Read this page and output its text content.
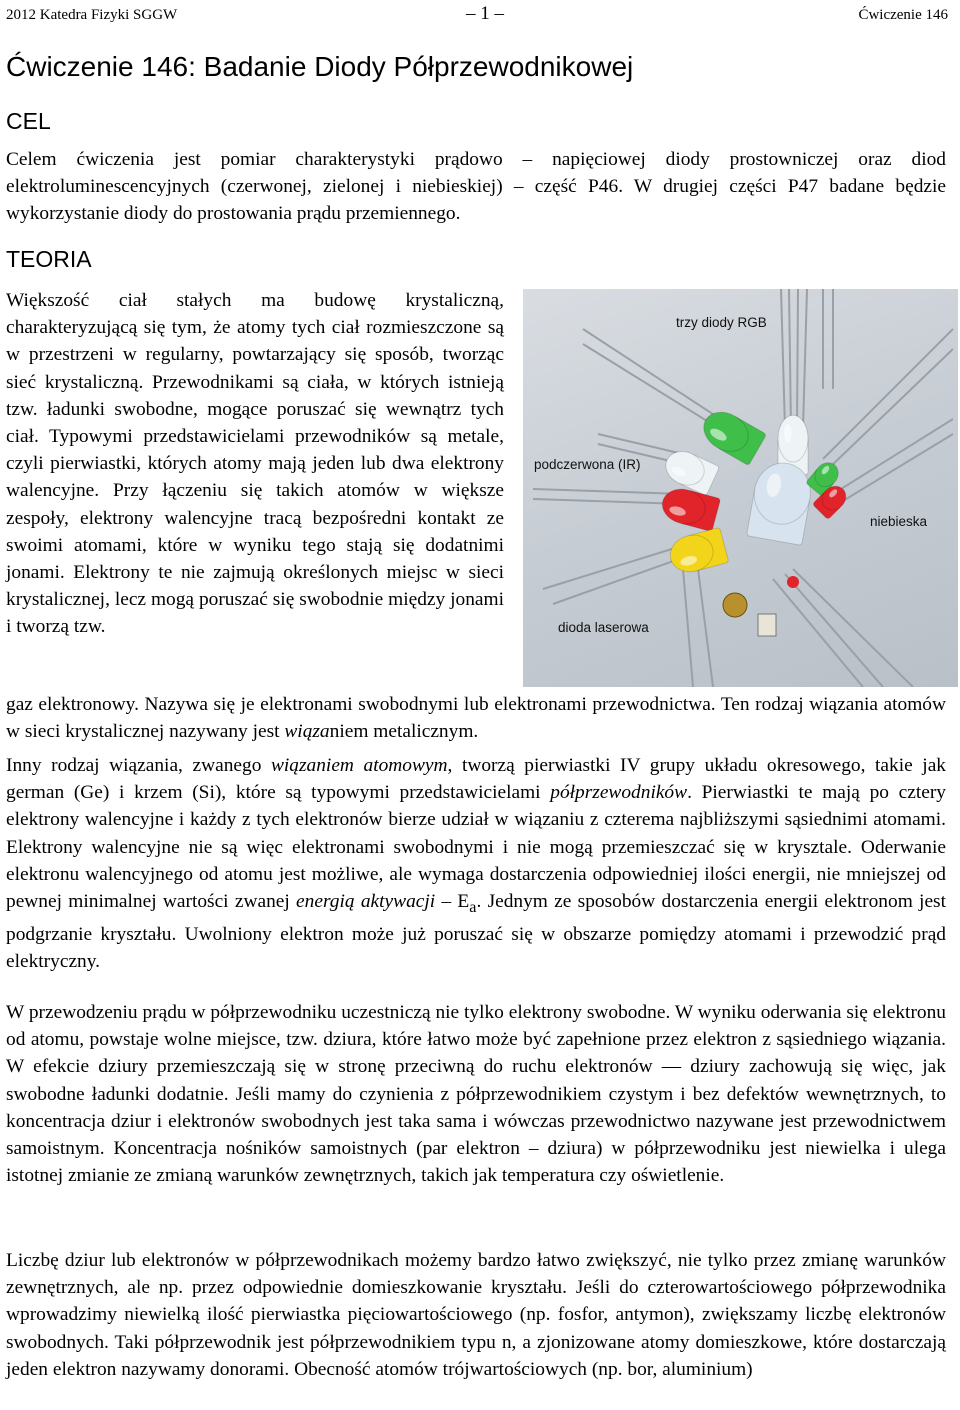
2012 Katedra Fizyki SGGW	– 1 –	Ćwiczenie 146
Ćwiczenie 146: Badanie Diody Półprzewodnikowej
CEL

Celem ćwiczenia jest pomiar charakterystyki prądowo – napięciowej diody prostowniczej oraz diod elektroluminescencyjnych (czerwonej, zielonej i niebieskiej) – część P46. W drugiej części P47 badane będzie wykorzystanie diody do prostowania prądu przemiennego.

TEORIA

Większość ciał stałych ma budowę krystaliczną, charakteryzującą się tym, że atomy tych ciał rozmieszczone są w przestrzeni w regularny, powtarzający się sposób, tworząc sieć krystaliczną. Przewodnikami są ciała, w których istnieją tzw. ładunki swobodne, mogące poruszać się wewnątrz tych ciał. Typowymi przedstawicielami przewodników są metale, czyli pierwiastki, których atomy mają jeden lub dwa elektrony walencyjne. Przy łączeniu się takich atomów w większe zespoły, elektrony walencyjne tracą bezpośredni kontakt ze swoimi atomami, które w wyniku tego stają się dodatnimi jonami. Elektrony te nie zajmują określonych miejsc w sieci krystalicznej, lecz mogą poruszać się swobodnie między jonami i tworzą tzw.

trzy diody RGB
podczerwona (IR)
niebieska
dioda laserowa

gaz elektronowy. Nazywa się je elektronami swobodnymi lub elektronami przewodnictwa. Ten rodzaj wiązania atomów w sieci krystalicznej nazywany jest wiązaniem metalicznym.

Inny rodzaj wiązania, zwanego wiązaniem atomowym, tworzą pierwiastki IV grupy układu okresowego, takie jak german (Ge) i krzem (Si), które są typowymi przedstawicielami półprzewodników. Pierwiastki te mają po cztery elektrony walencyjne i każdy z tych elektronów bierze udział w wiązaniu z czterema najbliższymi sąsiednimi atomami. Elektrony walencyjne nie są więc elektronami swobodnymi i nie mogą przemieszczać się w krysztale. Oderwanie elektronu walencyjnego od atomu jest możliwe, ale wymaga dostarczenia odpowiedniej ilości energii, nie mniejszej od pewnej minimalnej wartości zwanej energią aktywacji – $E_a$. Jednym ze sposobów dostarczenia energii elektronom jest podgrzanie kryształu. Uwolniony elektron może już poruszać się w obszarze pomiędzy atomami i przewodzić prąd elektryczny.

W przewodzeniu prądu w półprzewodniku uczestniczą nie tylko elektrony swobodne. W wyniku oderwania się elektronu od atomu, powstaje wolne miejsce, tzw. dziura, które łatwo może być zapełnione przez elektron z sąsiedniego wiązania. W efekcie dziury przemieszczają się w stronę przeciwną do ruchu elektronów — dziury zachowują się więc, jak swobodne ładunki dodatnie. Jeśli mamy do czynienia z półprzewodnikiem czystym i bez defektów wewnętrznych, to koncentracja dziur i elektronów swobodnych jest taka sama i wówczas przewodnictwo nazywane jest przewodnictwem samoistnym. Koncentracja nośników samoistnych (par elektron – dziura) w półprzewodniku jest niewielka i ulega istotnej zmianie ze zmianą warunków zewnętrznych, takich jak temperatura czy oświetlenie.

Liczbę dziur lub elektronów w półprzewodnikach możemy bardzo łatwo zwiększyć, nie tylko przez zmianę warunków zewnętrznych, ale np. przez odpowiednie domieszkowanie kryształu. Jeśli do czterowartościowego półprzewodnika wprowadzimy niewielką ilość pierwiastka pięciowartościowego (np. fosfor, antymon), zwiększamy liczbę elektronów swobodnych. Taki półprzewodnik jest półprzewodnikiem typu n, a zjonizowane atomy domieszkowe, które dostarczają jeden elektron nazywamy donorami. Obecność atomów trójwartościowych (np. bor, aluminium)
